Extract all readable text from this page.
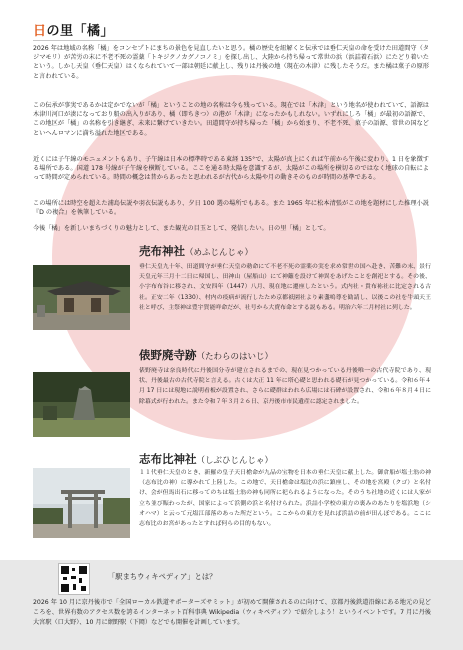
日の里「橘」

2026 年は地域の名称「橘」をコンセプトにまちの景色を見直したいと思う。橘の歴史を紐解くと伝承では垂仁天皇の命を受けた田道間守（タジマモリ）が苦労の末に不老不死の霊薬「トキジクノカグノコノミ」を探し出し、大陸から持ち帰って常世の浜（浜詰着石浜）にたどり着いたという。しかし天皇（垂仁天皇）はくなられていて一部は朝廷に献上し、残りは丹後の地（現在の木津）に残したそうだ。また橘は菓子の原形と言われている。

この伝承が事実であるかは定かでないが「橘」ということの地の名称は今も残っている。現在では「木津」という地名が使われていて、語源は木津川河口が湊になっており船の出入りがあり、橘（即ちきつ）の港が「木津」になったかもしれない。いずれにしろ「橘」が最初の語源で、この地区が「橘」の名称を引き継ぎ、未来に繋げていきたい。田道間守が持ち帰った「橘」から始まり、不老不死、菓子の語源、常世の国などといへんロマンに満ち溢れた地区である。

近くには子午線のモニュメントもあり、子午線は日本の標準時である東経 135°で、太陽が真上にくれば午前から午後に変わり、1 日を象徴する場所である。国道 178 号線が子午線を横断している。ここを通る時太陽を意識するが、太陽がこの場所を横切るのではなく地球の自転によって時間が定められている。時間の概念は昔からあったと思われるが古代から太陽や月の動きそのものが時間の基準である。

この場所には時空を超えた浦島伝説や羽衣伝説もあり、夕日 100 選の場所でもある。また 1965 年に松本清張がこの地を題材にした推理小説『D の複合』を執筆している。

今後「橘」を新しいまちづくりの魅力として、また観光の目玉として、発信したい。日の里「橘」として。

売布神社（めふじんじゃ）

垂仁天皇九十年、田道間守が垂仁天皇の勅命にて不老不死の霊薬の実を求め常世の国へ赴き、苦難の末、景行天皇元年三月十二日に帰国し、田神山（屋船山）にて神籬を設けて神異をあげたことを創祀とする。その後、小字布布谷に移され、文安四年（1447）八月、現在地に遷座したという。式内社・貴布袮社に比定される古社。正安二年（1330）、村内の疫病が流行したため京都祇園社より素盞嗚尊を勧請し、以後この社を牛頭天王社と呼び、主祭神は豊宇賀能咩命だが、社号から大賣布命とする説もある。明治六年二月村社に列した。

俵野廃寺跡（たわらのはいじ）

俵野廃寺は奈良時代に丹後国分寺が建立されるまでの、現在見つかっている丹後唯一の古代寺院であり、現状、丹後最古の古代寺院と言える。古くは大正 11 年に塔心礎と思われる礎石が見つかっている。令和６年４月 17 日には現地に説明看板が設置され、さらに礎群はわれら広場には石碑が設置され、令和６年８月４日に除幕式が行われた。また令和７年３月２６日、京丹後市市民遺産に認定されました。

志布比神社（しぶひじんじゃ）

１１代垂仁天皇のとき、新羅の皇子天日槍命が九品の宝物を日本の垂仁天皇に献上した。御倉船が塩土翁の神（志布比の神）に導かれて上陸した。この地で、天日槍命は塩比の浜に鎮座し、その地を宮殿（クゴ）と名付け、会が但馬出石に移ってのちは塩土翁の神も同所に祀られるようになった。そのうち社地の近くには人家が立ち並び賑わったが、国家によって浜側の浜と名付けられた。浜詰小学校の東方の裏みのあたりを塩浜地（シオハマ）と云って元塩江部落のあった所だという。ここからの東方を見れば浜詰の前が田んぼである。ここに志布比のお宮があったとすれば何らの目的もない。

「駅まちウィキペディア」とは？

2026 年 10 月に京丹後市で「全国ローカル鉄道サポーターズサミット」が初めて開催されるのに向けて、京都丹後鉄道沿線にある地元の見どころを、世界有数のアクセス数を誇るインターネット百科事典 Wikipedia（ウィキペディア）で紹介しよう！というイベントです。7 月に丹後大宮駅（口大野）、10 月に網野駅（下岡）などでも開催を計画しています。
